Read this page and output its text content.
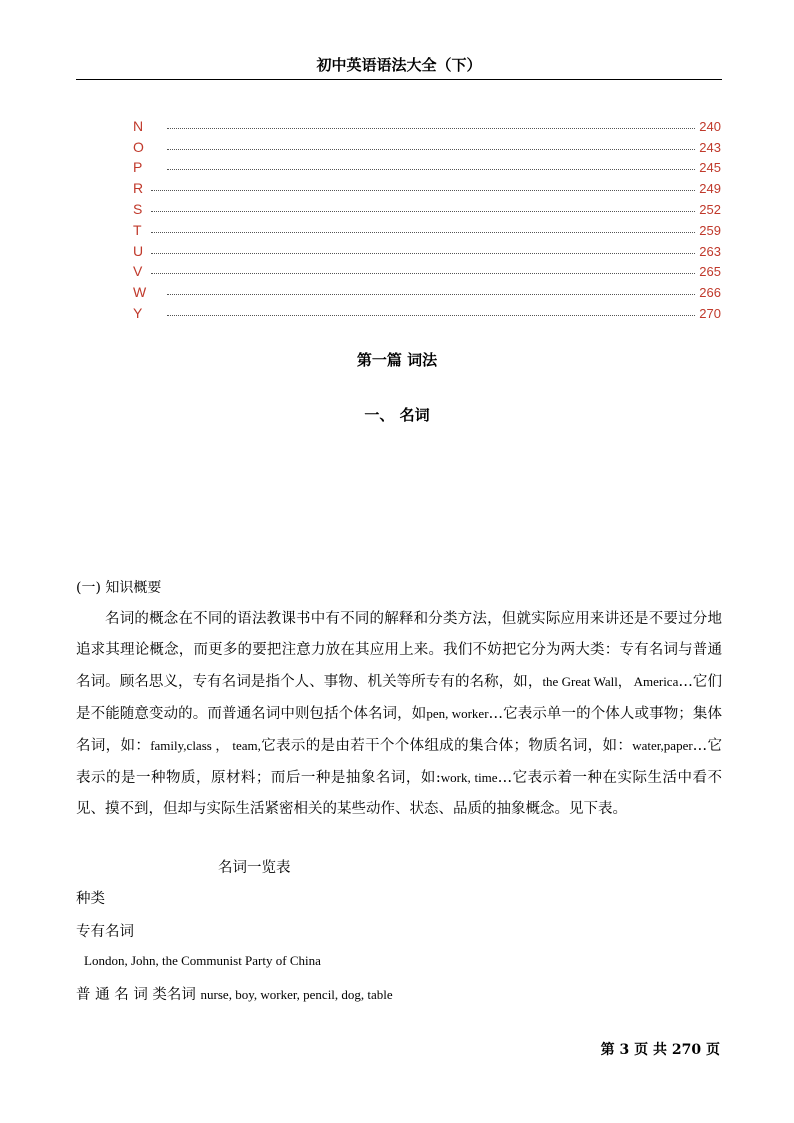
初中英语语法大全（下）
N	240
O	243
P	245
R	249
S	252
T	259
U	263
V	265
W	266
Y	270
第一篇 词法
一、 名词
(一) 知识概要
名词的概念在不同的语法教课书中有不同的解释和分类方法，但就实际应用来讲还是不要过分地追求其理论概念，而更多的要把注意力放在其应用上来。我们不妨把它分为两大类：专有名词与普通名词。顾名思义，专有名词是指个人、事物、机关等所专有的名称，如，the Great Wall， America…它们是不能随意变动的。而普通名词中则包括个体名词，如pen, worker…它表示单一的个体人或事物；集体名词，如：family,class ， team,它表示的是由若干个个体组成的集合体；物质名词，如：water,paper…它表示的是一种物质，原材料；而后一种是抽象名词，如:work, time…它表示着一种在实际生活中看不见、摸不到，但却与实际生活紧密相关的某些动作、状态、品质的抽象概念。见下表。
名词一览表
种类
专有名词
London, John, the Communist Party of China
普 通 名 词 类名词 nurse, boy, worker, pencil, dog, table
第 3 页 共 270 页
